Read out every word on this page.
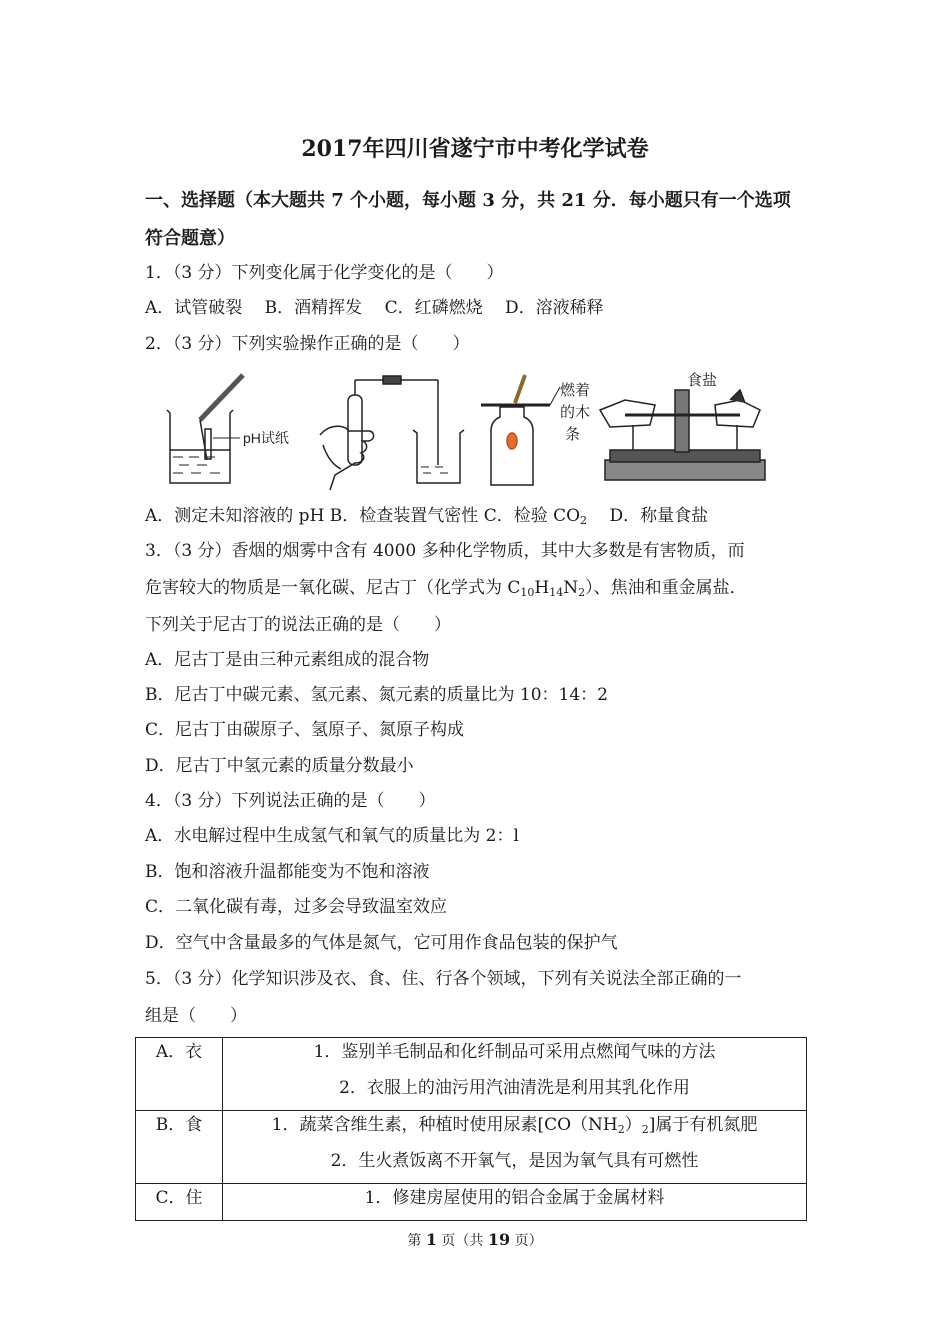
2017年四川省遂宁市中考化学试卷
一、选择题（本大题共 7 个小题，每小题 3 分，共 21 分．每小题只有一个选项
符合题意）
1．（3 分）下列变化属于化学变化的是（　　）
A．试管破裂　 B．酒精挥发　 C．红磷燃烧　 D．溶液稀释
2．（3 分）下列实验操作正确的是（　　）
pH试纸
燃着
的木
条
食盐
A．测定未知溶液的 pH B．检查装置气密性 C．检验 $CO_2$　 D．称量食盐
3．（3 分）香烟的烟雾中含有 4000 多种化学物质，其中大多数是有害物质，而
危害较大的物质是一氧化碳、尼古丁（化学式为 $C_{10}H_{14}N_2$）、焦油和重金属盐．
下列关于尼古丁的说法正确的是（　　）
A．尼古丁是由三种元素组成的混合物
B．尼古丁中碳元素、氢元素、氮元素的质量比为 10：14：2
C．尼古丁由碳原子、氢原子、氮原子构成
D．尼古丁中氢元素的质量分数最小
4．（3 分）下列说法正确的是（　　）
A．水电解过程中生成氢气和氧气的质量比为 2：l
B．饱和溶液升温都能变为不饱和溶液
C．二氧化碳有毒，过多会导致温室效应
D．空气中含量最多的气体是氮气，它可用作食品包装的保护气
5．（3 分）化学知识涉及衣、食、住、行各个领域，下列有关说法全部正确的一
组是（　　）
A．衣	1．鉴别羊毛制品和化纤制品可采用点燃闻气味的方法
2．衣服上的油污用汽油清洗是利用其乳化作用

B．食	1．蔬菜含维生素，种植时使用尿素$[CO(NH_2)_2]$属于有机氮肥
2．生火煮饭离不开氧气，是因为氧气具有可燃性

C．住	1．修建房屋使用的铝合金属于金属材料
第 1 页（共 19 页）
